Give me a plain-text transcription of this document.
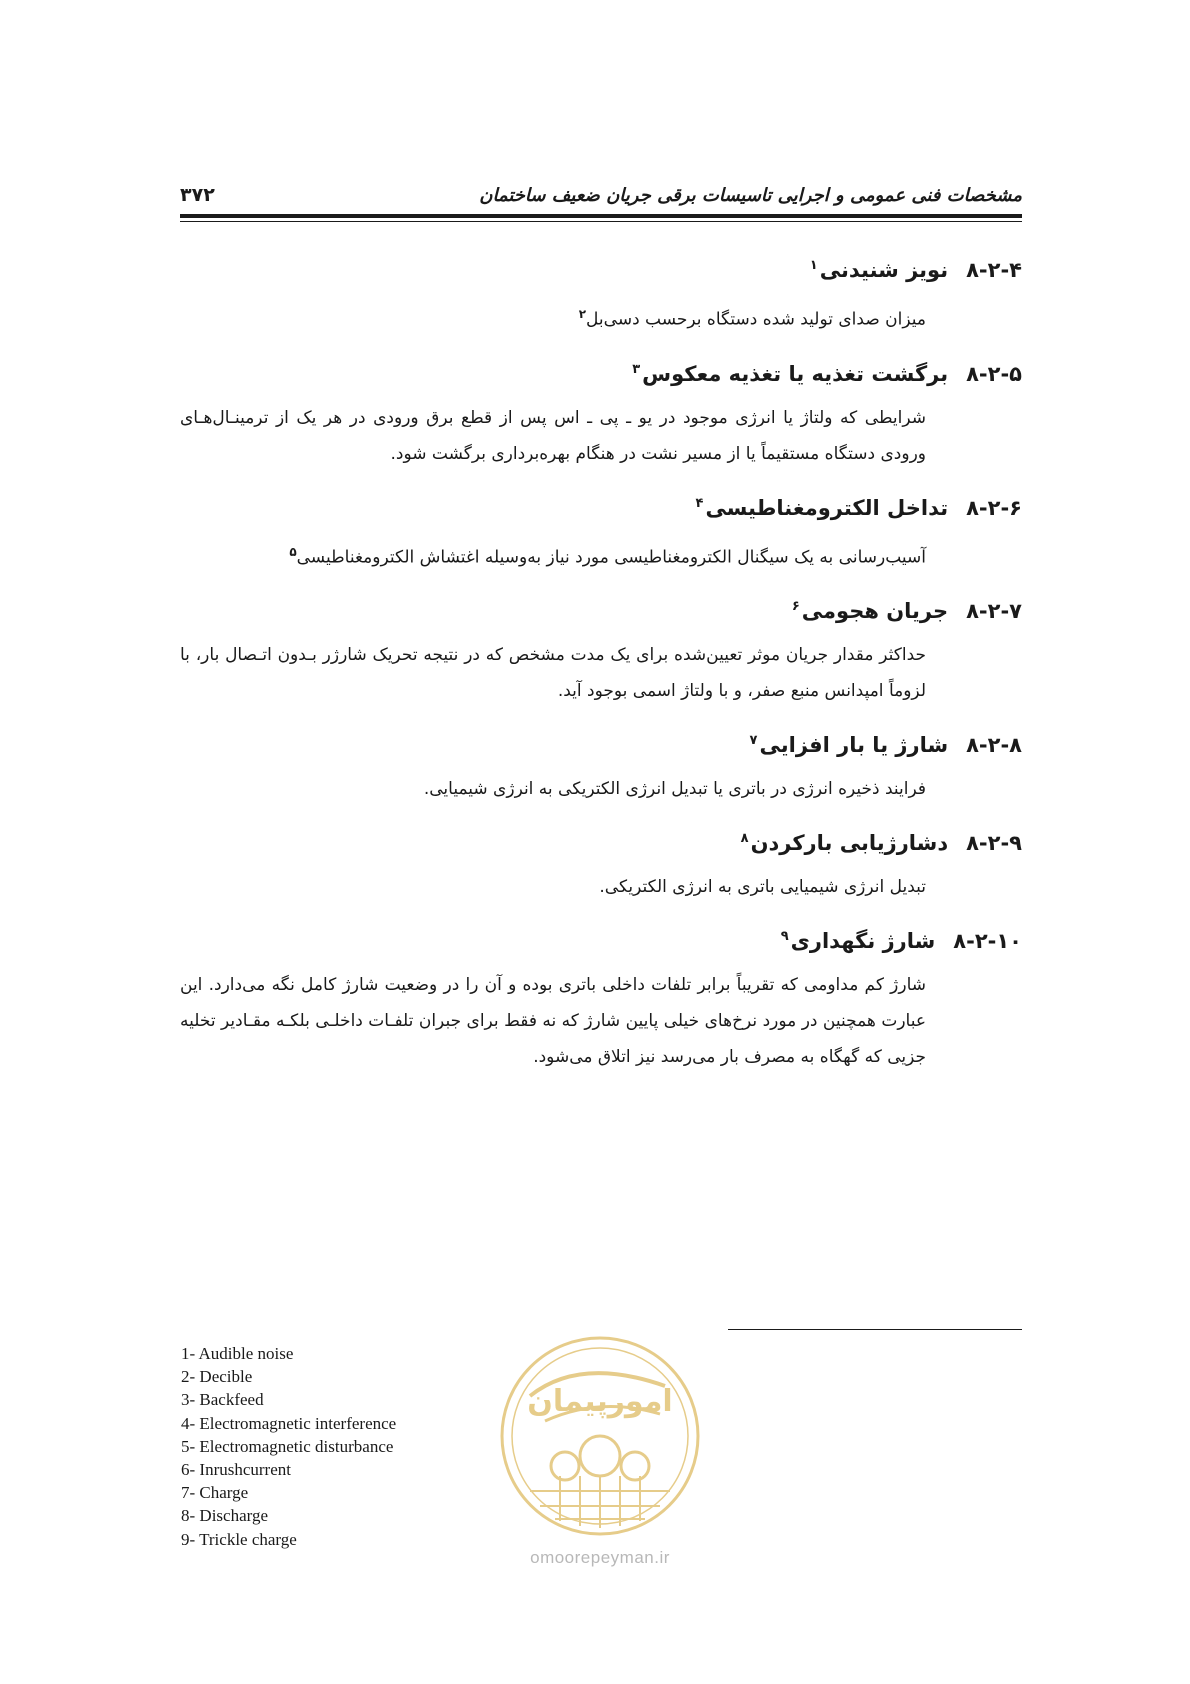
۳۷۲	مشخصات فنی عمومی و اجرایی تاسیسات برقی جریان ضعیف ساختمان
۸-۲-۴
نویز شنیدنی$^۱$
میزان صدای تولید شده دستگاه برحسب دسی‌بل$^۲$
۸-۲-۵
برگشت تغذیه یا تغذیه معکوس$^۳$
شرایطی که ولتاژ یا انرژی موجود در یو ـ پی ـ اس پس از قطع برق ورودی در هر یک از ترمینـال‌هـای ورودی دستگاه مستقیماً یا از مسیر نشت در هنگام بهره‌برداری برگشت شود.
۸-۲-۶
تداخل الکترومغناطیسی$^۴$
آسیب‌رسانی به یک سیگنال الکترومغناطیسی مورد نیاز به‌وسیله اغتشاش الکترومغناطیسی$^۵$
۸-۲-۷
جریان هجومی$^۶$
حداکثر مقدار جریان موثر تعیین‌شده برای یک مدت مشخص که در نتیجه تحریک شارژر بـدون اتـصال بار، با لزوماً امپدانس منبع صفر، و با ولتاژ اسمی بوجود آید.
۸-۲-۸
شارژ یا بار افزایی$^۷$
فرایند ذخیره انرژی در باتری یا تبدیل انرژی الکتریکی به انرژی شیمیایی.
۸-۲-۹
دشارژیابی بارکردن$^۸$
تبدیل انرژی شیمیایی باتری به انرژی الکتریکی.
۸-۲-۱۰
شارژ نگهداری$^۹$
شارژ کم مداومی که تقریباً برابر تلفات داخلی باتری بوده و آن را در وضعیت شارژ کامل نگه می‌دارد. این عبارت همچنین در مورد نرخ‌های خیلی پایین شارژ که نه فقط برای جبران تلفـات داخلـی بلکـه مقـادیر تخلیه جزیی که گهگاه به مصرف بار می‌رسد نیز اتلاق می‌شود.
1- Audible noise
2- Decible
3- Backfeed
4- Electromagnetic interference
5- Electromagnetic disturbance
6- Inrushcurrent
7- Charge
8- Discharge
9- Trickle charge
امورپیمان
omoorepeyman.ir
